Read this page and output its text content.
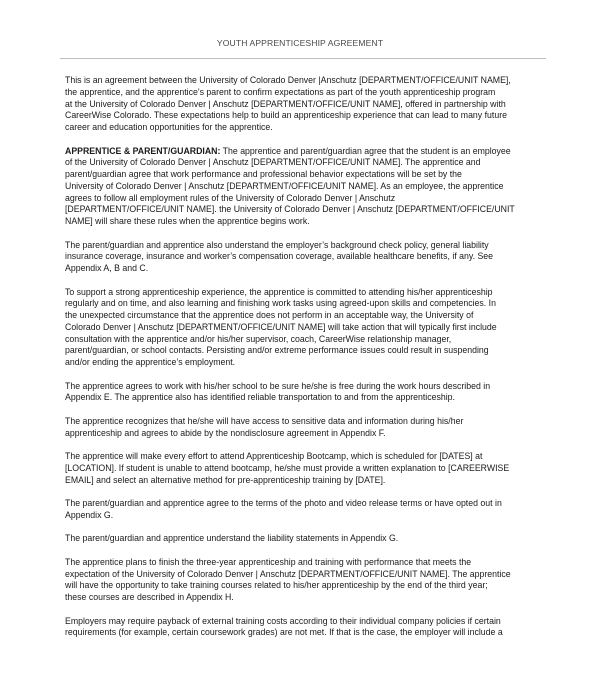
YOUTH APPRENTICESHIP AGREEMENT

This is an agreement between the University of Colorado Denver |Anschutz [DEPARTMENT/OFFICE/UNIT NAME],
the apprentice, and the apprentice’s parent to confirm expectations as part of the youth apprenticeship program
at the University of Colorado Denver | Anschutz [DEPARTMENT/OFFICE/UNIT NAME], offered in partnership with
CareerWise Colorado. These expectations help to build an apprenticeship experience that can lead to many future
career and education opportunities for the apprentice.

APPRENTICE & PARENT/GUARDIAN: The apprentice and parent/guardian agree that the student is an employee
of the University of Colorado Denver | Anschutz [DEPARTMENT/OFFICE/UNIT NAME]. The apprentice and
parent/guardian agree that work performance and professional behavior expectations will be set by the
University of Colorado Denver | Anschutz [DEPARTMENT/OFFICE/UNIT NAME]. As an employee, the apprentice
agrees to follow all employment rules of the University of Colorado Denver | Anschutz
[DEPARTMENT/OFFICE/UNIT NAME]. the University of Colorado Denver | Anschutz [DEPARTMENT/OFFICE/UNIT
NAME] will share these rules when the apprentice begins work.

The parent/guardian and apprentice also understand the employer’s background check policy, general liability
insurance coverage, insurance and worker’s compensation coverage, available healthcare benefits, if any. See
Appendix A, B and C.

To support a strong apprenticeship experience, the apprentice is committed to attending his/her apprenticeship
regularly and on time, and also learning and finishing work tasks using agreed-upon skills and competencies. In
the unexpected circumstance that the apprentice does not perform in an acceptable way, the University of
Colorado Denver | Anschutz [DEPARTMENT/OFFICE/UNIT NAME] will take action that will typically first include
consultation with the apprentice and/or his/her supervisor, coach, CareerWise relationship manager,
parent/guardian, or school contacts. Persisting and/or extreme performance issues could result in suspending
and/or ending the apprentice’s employment.

The apprentice agrees to work with his/her school to be sure he/she is free during the work hours described in
Appendix E. The apprentice also has identified reliable transportation to and from the apprenticeship.

The apprentice recognizes that he/she will have access to sensitive data and information during his/her
apprenticeship and agrees to abide by the nondisclosure agreement in Appendix F.

The apprentice will make every effort to attend Apprenticeship Bootcamp, which is scheduled for [DATES] at
[LOCATION]. If student is unable to attend bootcamp, he/she must provide a written explanation to [CAREERWISE
EMAIL] and select an alternative method for pre-apprenticeship training by [DATE].

The parent/guardian and apprentice agree to the terms of the photo and video release terms or have opted out in
Appendix G.

The parent/guardian and apprentice understand the liability statements in Appendix G.

The apprentice plans to finish the three-year apprenticeship and training with performance that meets the
expectation of the University of Colorado Denver | Anschutz [DEPARTMENT/OFFICE/UNIT NAME]. The apprentice
will have the opportunity to take training courses related to his/her apprenticeship by the end of the third year;
these courses are described in Appendix H.

Employers may require payback of external training costs according to their individual company policies if certain
requirements (for example, certain coursework grades) are not met. If that is the case, the employer will include a
